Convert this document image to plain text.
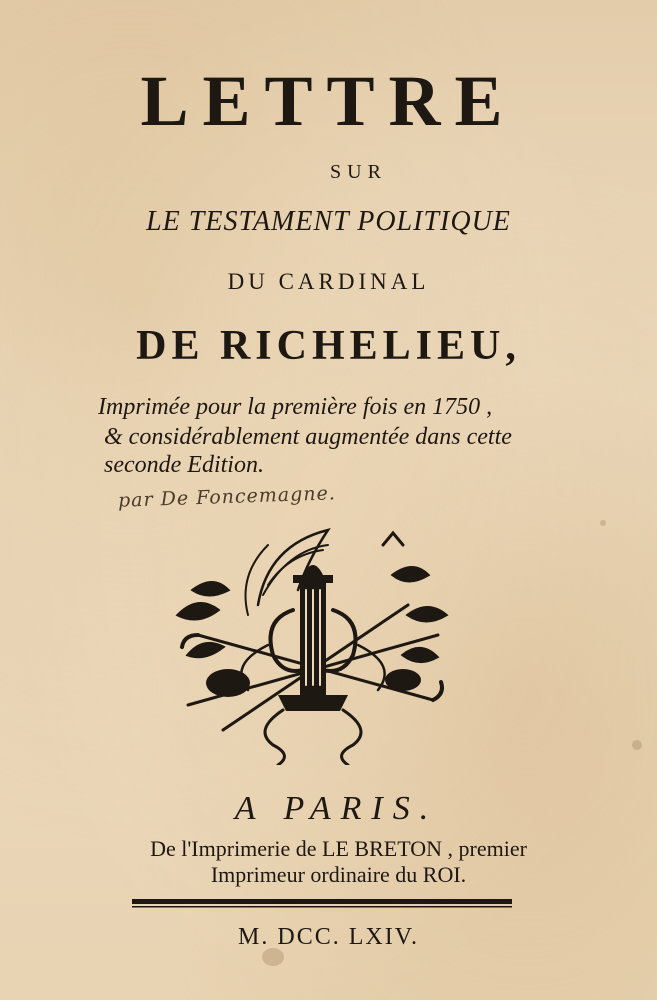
LETTRE
SUR
LE TESTAMENT POLITIQUE
DU CARDINAL
DE RICHELIEU,
Imprimée pour la première fois en 1750 ,
& considérablement augmentée dans cette
seconde Edition.
par De Foncemagne.
A PARIS.
De l'Imprimerie de LE BRETON , premier
Imprimeur ordinaire du ROI.
M. DCC. LXIV.
